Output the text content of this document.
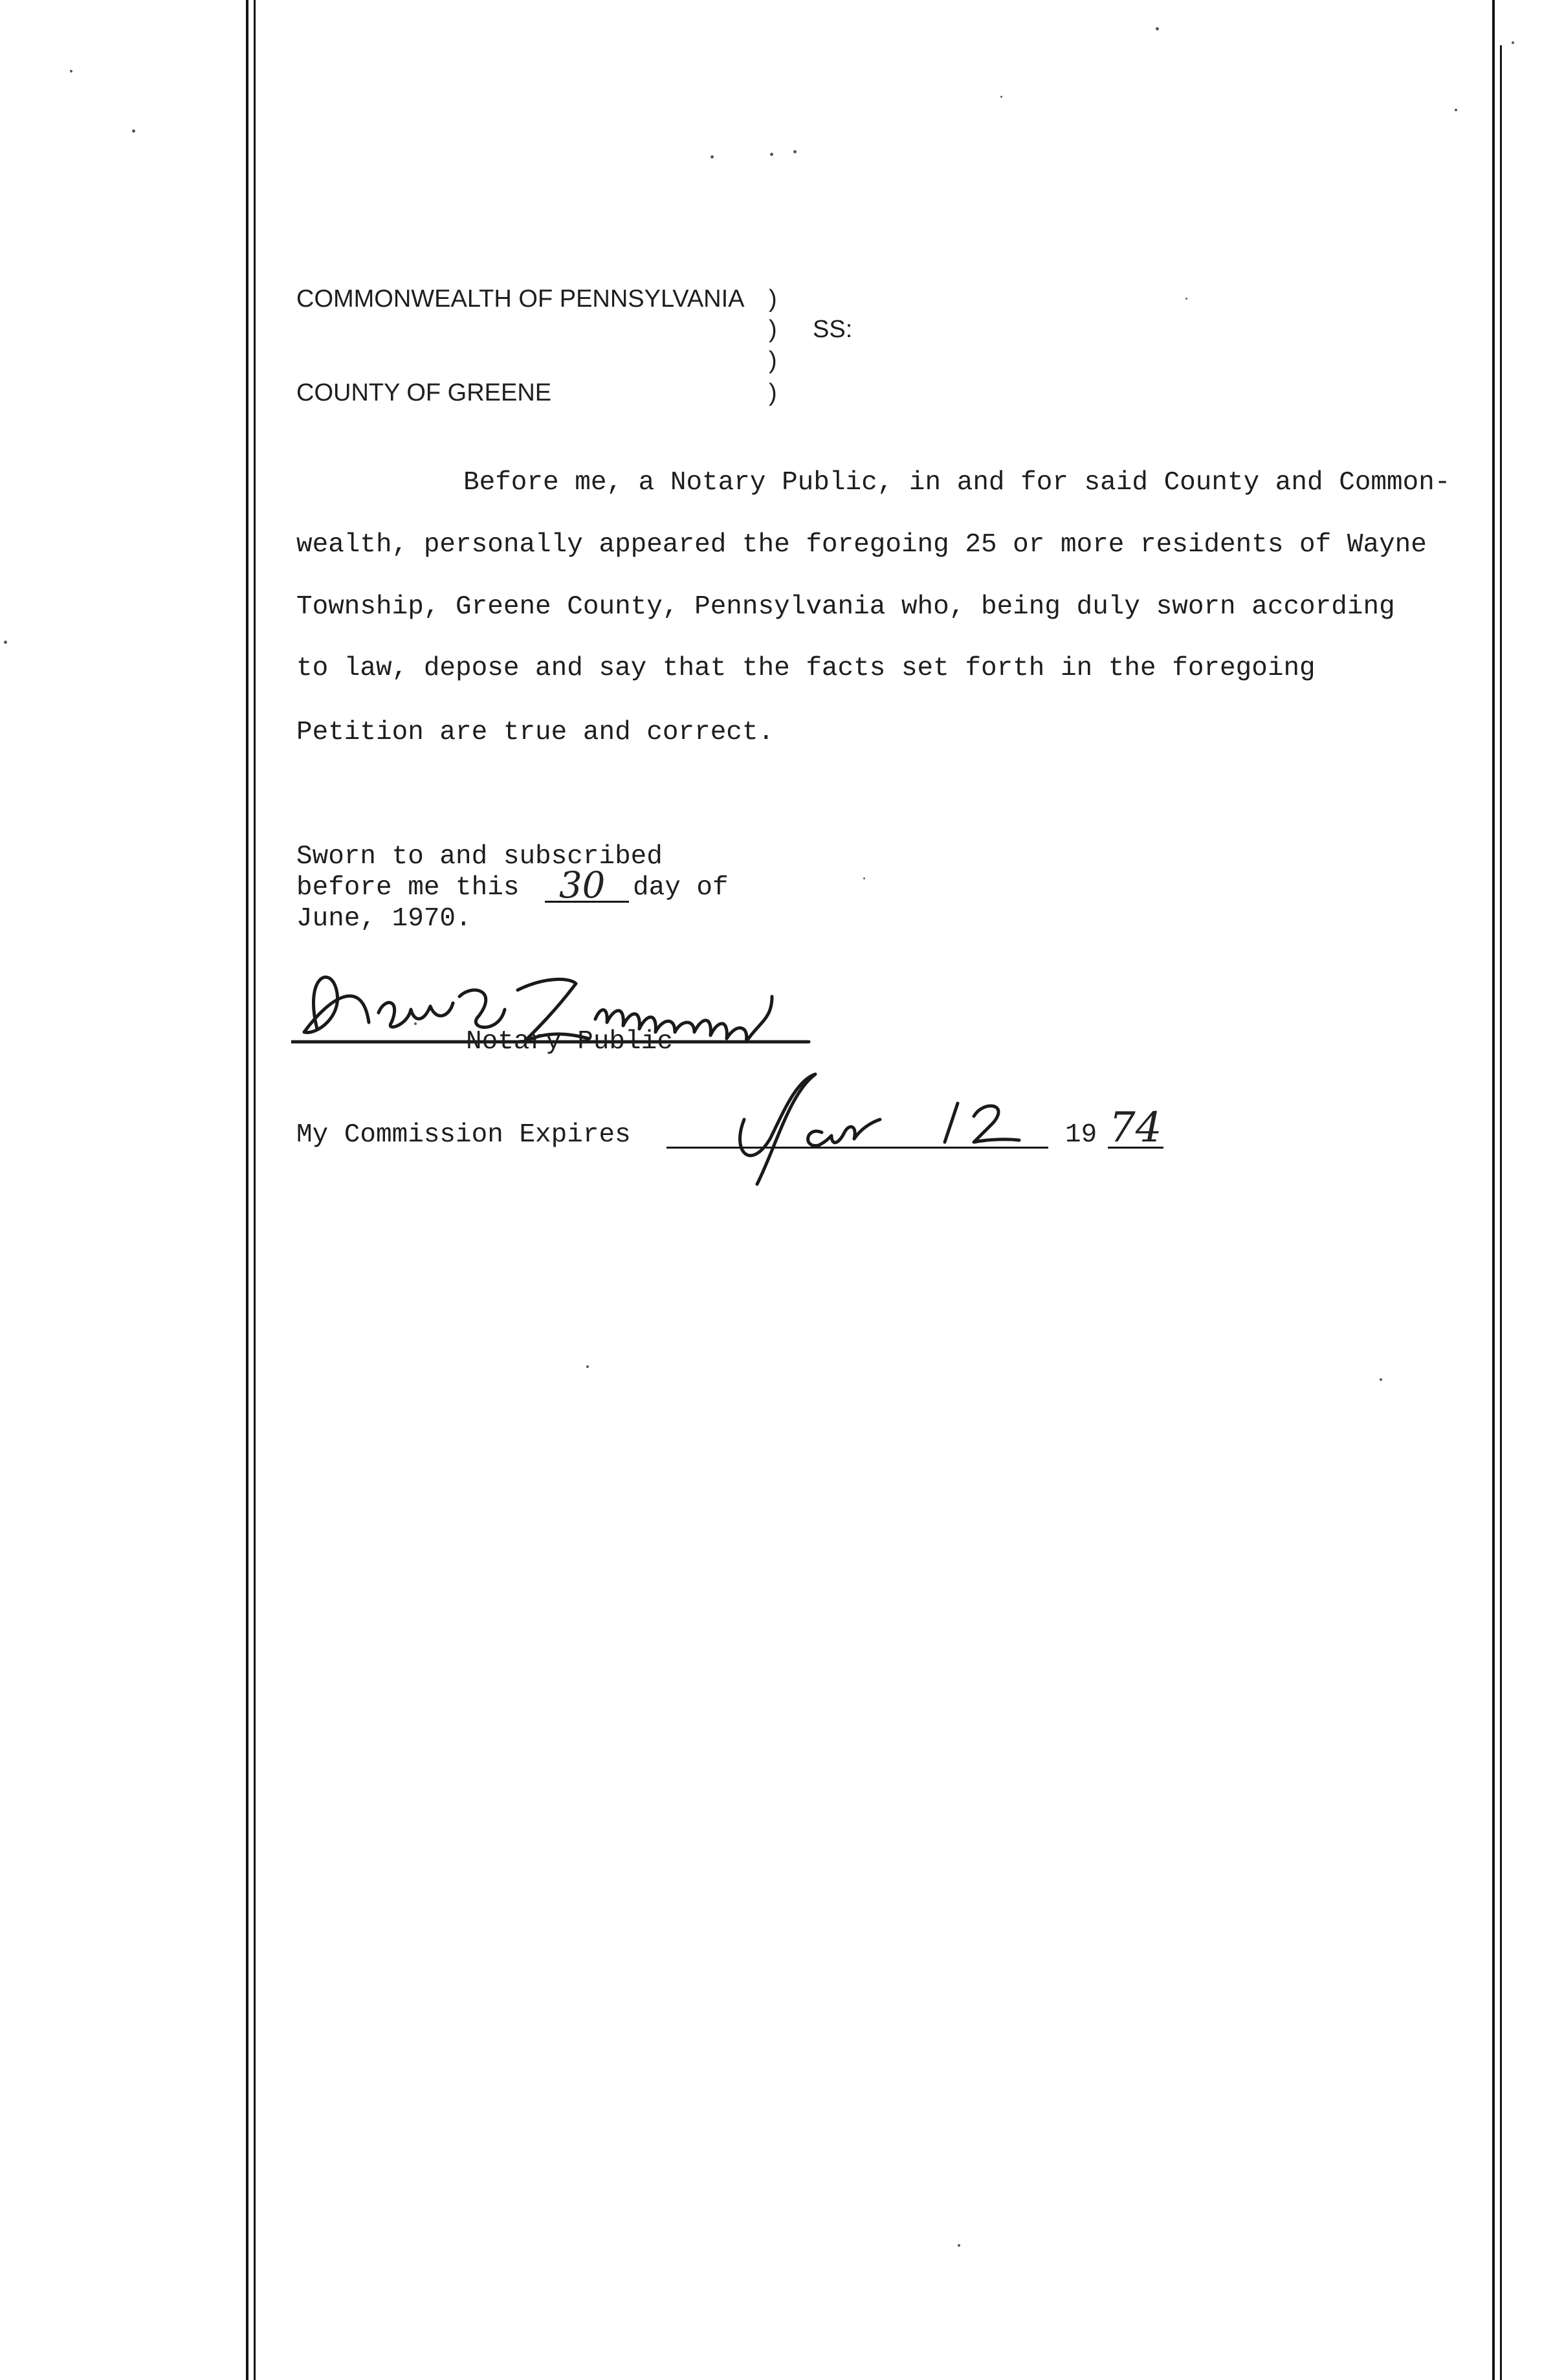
COMMONWEALTH OF PENNSYLVANIA )
) SS:
)
COUNTY OF GREENE	)
Before me, a Notary Public, in and for said County and Common-
wealth, personally appeared the foregoing 25 or more residents of Wayne
Township, Greene County, Pennsylvania who, being duly sworn according
to law, depose and say that the facts set forth in the foregoing
Petition are true and correct.
Sworn to and subscribed
before me this 30 day of
June, 1970.
Doris S. Zimmerman
Notary Public
My Commission Expires	19 74
